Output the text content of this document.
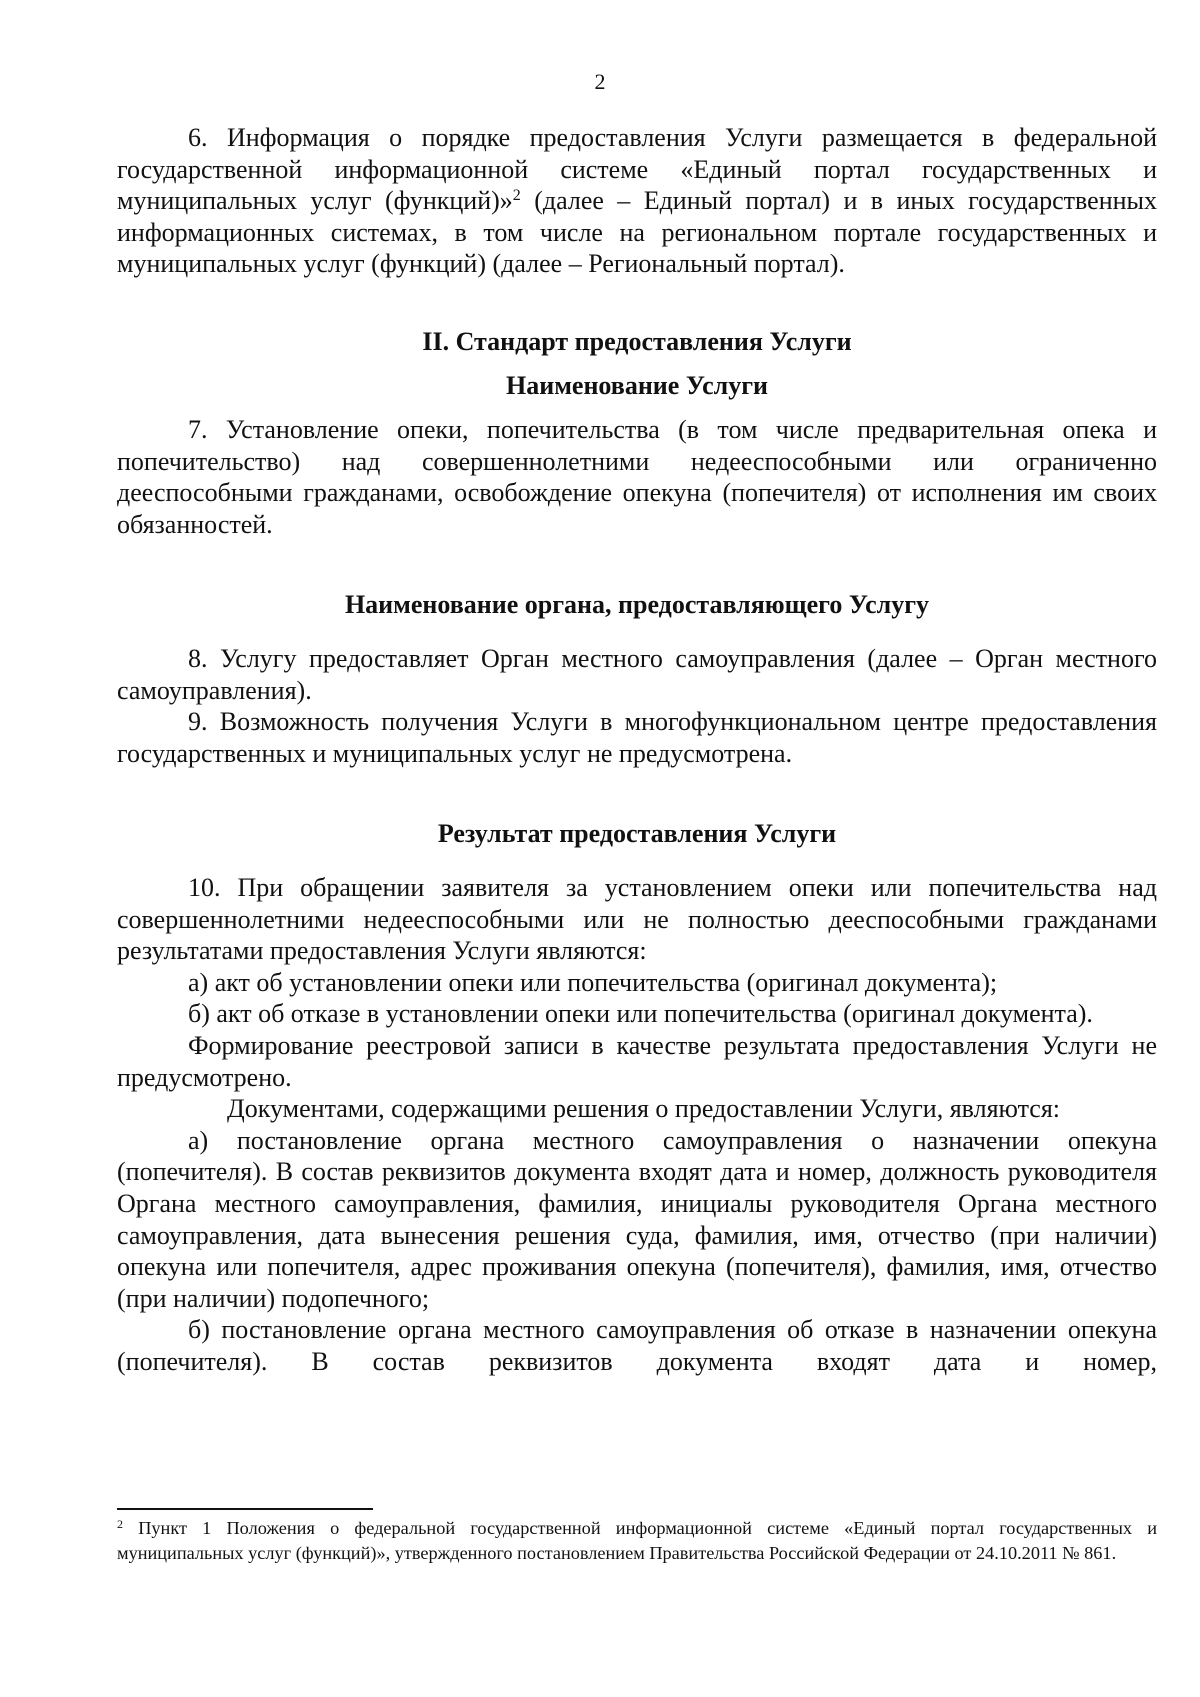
2

6. Информация о порядке предоставления Услуги размещается в федеральной государственной информационной системе «Единый портал государственных и муниципальных услуг (функций)»$^2$ (далее – Единый портал) и в иных государственных информационных системах, в том числе на региональном портале государственных и муниципальных услуг (функций) (далее – Региональный портал).

II. Стандарт предоставления Услуги
Наименование Услуги

7. Установление опеки, попечительства (в том числе предварительная опека и попечительство) над совершеннолетними недееспособными или ограниченно дееспособными гражданами, освобождение опекуна (попечителя) от исполнения им своих обязанностей.

Наименование органа, предоставляющего Услугу

8. Услугу предоставляет Орган местного самоуправления (далее – Орган местного самоуправления).

9. Возможность получения Услуги в многофункциональном центре предоставления государственных и муниципальных услуг не предусмотрена.

Результат предоставления Услуги

10. При обращении заявителя за установлением опеки или попечительства над совершеннолетними недееспособными или не полностью дееспособными гражданами результатами предоставления Услуги являются:

а) акт об установлении опеки или попечительства (оригинал документа);

б) акт об отказе в установлении опеки или попечительства (оригинал документа).

Формирование реестровой записи в качестве результата предоставления Услуги не предусмотрено.

Документами, содержащими решения о предоставлении Услуги, являются:

а) постановление органа местного самоуправления о назначении опекуна (попечителя). В состав реквизитов документа входят дата и номер, должность руководителя Органа местного самоуправления, фамилия, инициалы руководителя Органа местного самоуправления, дата вынесения решения суда, фамилия, имя, отчество (при наличии) опекуна или попечителя, адрес проживания опекуна (попечителя), фамилия, имя, отчество (при наличии) подопечного;

б) постановление органа местного самоуправления об отказе в назначении опекуна (попечителя). В состав реквизитов документа входят дата и номер,

$^2$ Пункт 1 Положения о федеральной государственной информационной системе «Единый портал государственных и муниципальных услуг (функций)», утвержденного постановлением Правительства Российской Федерации от 24.10.2011 № 861.
